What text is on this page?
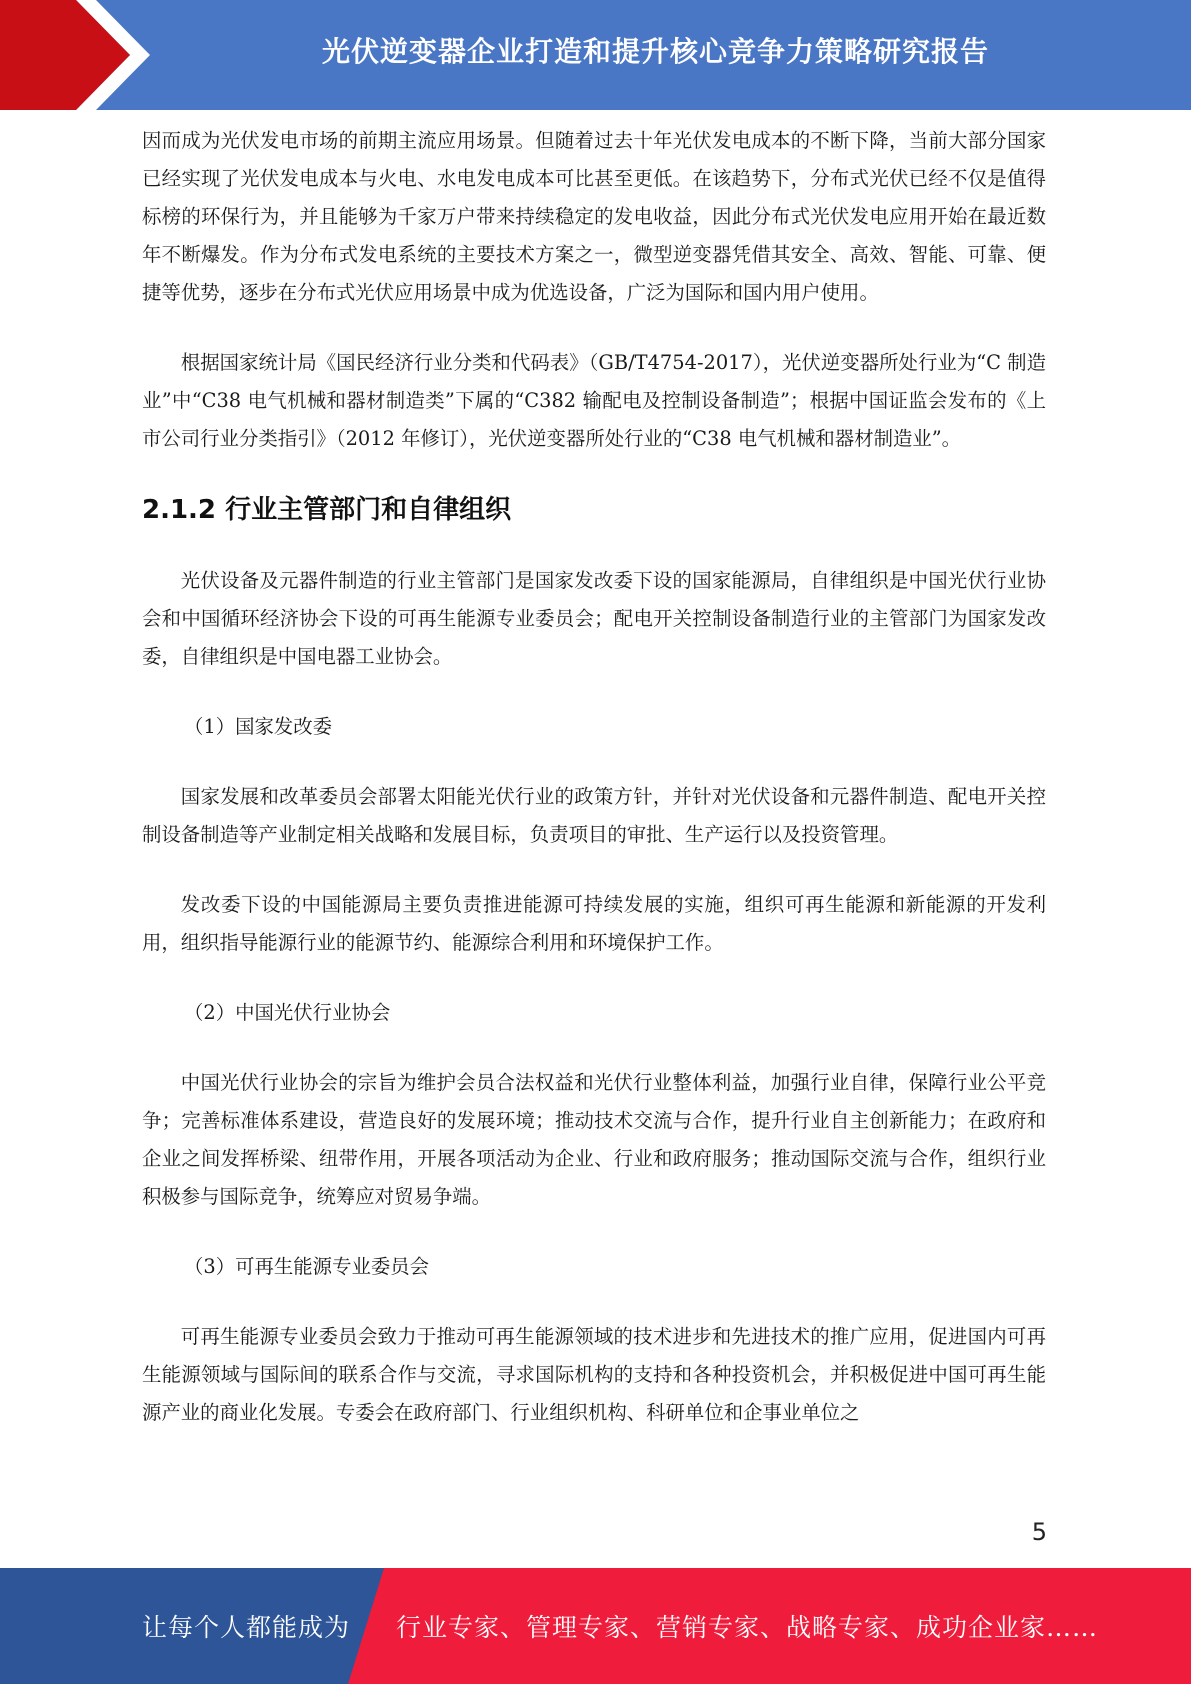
光伏逆变器企业打造和提升核心竞争力策略研究报告

因而成为光伏发电市场的前期主流应用场景。但随着过去十年光伏发电成本的不断下降，当前大部分国家已经实现了光伏发电成本与火电、水电发电成本可比甚至更低。在该趋势下，分布式光伏已经不仅是值得标榜的环保行为，并且能够为千家万户带来持续稳定的发电收益，因此分布式光伏发电应用开始在最近数年不断爆发。作为分布式发电系统的主要技术方案之一，微型逆变器凭借其安全、高效、智能、可靠、便捷等优势，逐步在分布式光伏应用场景中成为优选设备，广泛为国际和国内用户使用。

根据国家统计局《国民经济行业分类和代码表》（GB/T4754-2017），光伏逆变器所处行业为“C 制造业”中“C38 电气机械和器材制造类”下属的“C382 输配电及控制设备制造”；根据中国证监会发布的《上市公司行业分类指引》（2012 年修订），光伏逆变器所处行业的“C38 电气机械和器材制造业”。

2.1.2 行业主管部门和自律组织

光伏设备及元器件制造的行业主管部门是国家发改委下设的国家能源局，自律组织是中国光伏行业协会和中国循环经济协会下设的可再生能源专业委员会；配电开关控制设备制造行业的主管部门为国家发改委，自律组织是中国电器工业协会。

（1）国家发改委

国家发展和改革委员会部署太阳能光伏行业的政策方针，并针对光伏设备和元器件制造、配电开关控制设备制造等产业制定相关战略和发展目标，负责项目的审批、生产运行以及投资管理。

发改委下设的中国能源局主要负责推进能源可持续发展的实施，组织可再生能源和新能源的开发利用，组织指导能源行业的能源节约、能源综合利用和环境保护工作。

（2）中国光伏行业协会

中国光伏行业协会的宗旨为维护会员合法权益和光伏行业整体利益，加强行业自律，保障行业公平竞争；完善标准体系建设，营造良好的发展环境；推动技术交流与合作，提升行业自主创新能力；在政府和企业之间发挥桥梁、纽带作用，开展各项活动为企业、行业和政府服务；推动国际交流与合作，组织行业积极参与国际竞争，统筹应对贸易争端。

（3）可再生能源专业委员会

可再生能源专业委员会致力于推动可再生能源领域的技术进步和先进技术的推广应用，促进国内可再生能源领域与国际间的联系合作与交流，寻求国际机构的支持和各种投资机会，并积极促进中国可再生能源产业的商业化发展。专委会在政府部门、行业组织机构、科研单位和企事业单位之

5
让每个人都能成为 行业专家、管理专家、营销专家、战略专家、成功企业家……
